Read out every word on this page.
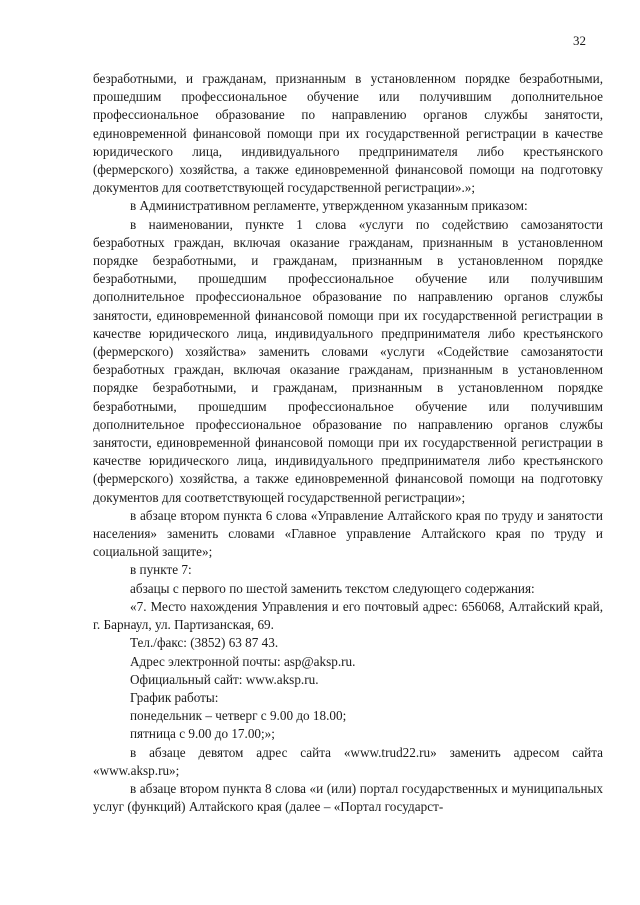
32

безработными, и гражданам, признанным в установленном порядке безработными, прошедшим профессиональное обучение или получившим дополнительное профессиональное образование по направлению органов службы занятости, единовременной финансовой помощи при их государственной регистрации в качестве юридического лица, индивидуального предпринимателя либо крестьянского (фермерского) хозяйства, а также единовременной финансовой помощи на подготовку документов для соответствующей государственной регистрации».»;

в Административном регламенте, утвержденном указанным приказом:

в наименовании, пункте 1 слова «услуги по содействию самозанятости безработных граждан, включая оказание гражданам, признанным в установленном порядке безработными, и гражданам, признанным в установленном порядке безработными, прошедшим профессиональное обучение или получившим дополнительное профессиональное образование по направлению органов службы занятости, единовременной финансовой помощи при их государственной регистрации в качестве юридического лица, индивидуального предпринимателя либо крестьянского (фермерского) хозяйства» заменить словами «услуги «Содействие самозанятости безработных граждан, включая оказание гражданам, признанным в установленном порядке безработными, и гражданам, признанным в установленном порядке безработными, прошедшим профессиональное обучение или получившим дополнительное профессиональное образование по направлению органов службы занятости, единовременной финансовой помощи при их государственной регистрации в качестве юридического лица, индивидуального предпринимателя либо крестьянского (фермерского) хозяйства, а также единовременной финансовой помощи на подготовку документов для соответствующей государственной регистрации»;

в абзаце втором пункта 6 слова «Управление Алтайского края по труду и занятости населения» заменить словами «Главное управление Алтайского края по труду и социальной защите»;

в пункте 7:

абзацы с первого по шестой заменить текстом следующего содержания:

«7. Место нахождения Управления и его почтовый адрес: 656068, Алтайский край, г. Барнаул, ул. Партизанская, 69.

Тел./факс: (3852) 63 87 43.

Адрес электронной почты: asp@aksp.ru.

Официальный сайт: www.aksp.ru.

График работы:

понедельник – четверг с 9.00 до 18.00;

пятница с 9.00 до 17.00;»;

в абзаце девятом адрес сайта «www.trud22.ru» заменить адресом сайта «www.aksp.ru»;

в абзаце втором пункта 8 слова «и (или) портал государственных и муниципальных услуг (функций) Алтайского края (далее – «Портал государст-
